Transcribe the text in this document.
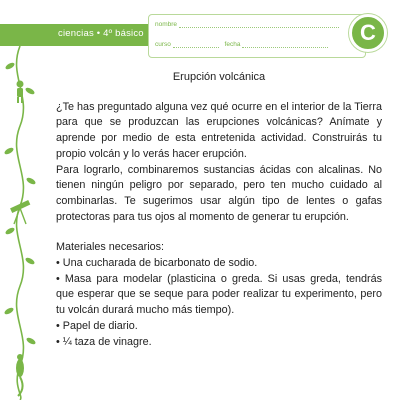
ciencias • 4º básico
nombre
curso	fecha	C
Erupción volcánica

¿Te has preguntado alguna vez qué ocurre en el interior de la Tierra para que se produzcan las erupciones volcánicas? Anímate y aprende por medio de esta entretenida actividad. Construirás tu propio volcán y lo verás hacer erupción.

Para lograrlo, combinaremos sustancias ácidas con alcalinas. No tienen ningún peligro por separado, pero ten mucho cuidado al combinarlas. Te sugerimos usar algún tipo de lentes o gafas protectoras para tus ojos al momento de generar tu erupción.

Materiales necesarios:
• Una cucharada de bicarbonato de sodio.
• Masa para modelar (plasticina o greda. Si usas greda, tendrás que esperar que se seque para poder realizar tu experimento, pero tu volcán durará mucho más tiempo).
• Papel de diario.
• ¼ taza de vinagre.
